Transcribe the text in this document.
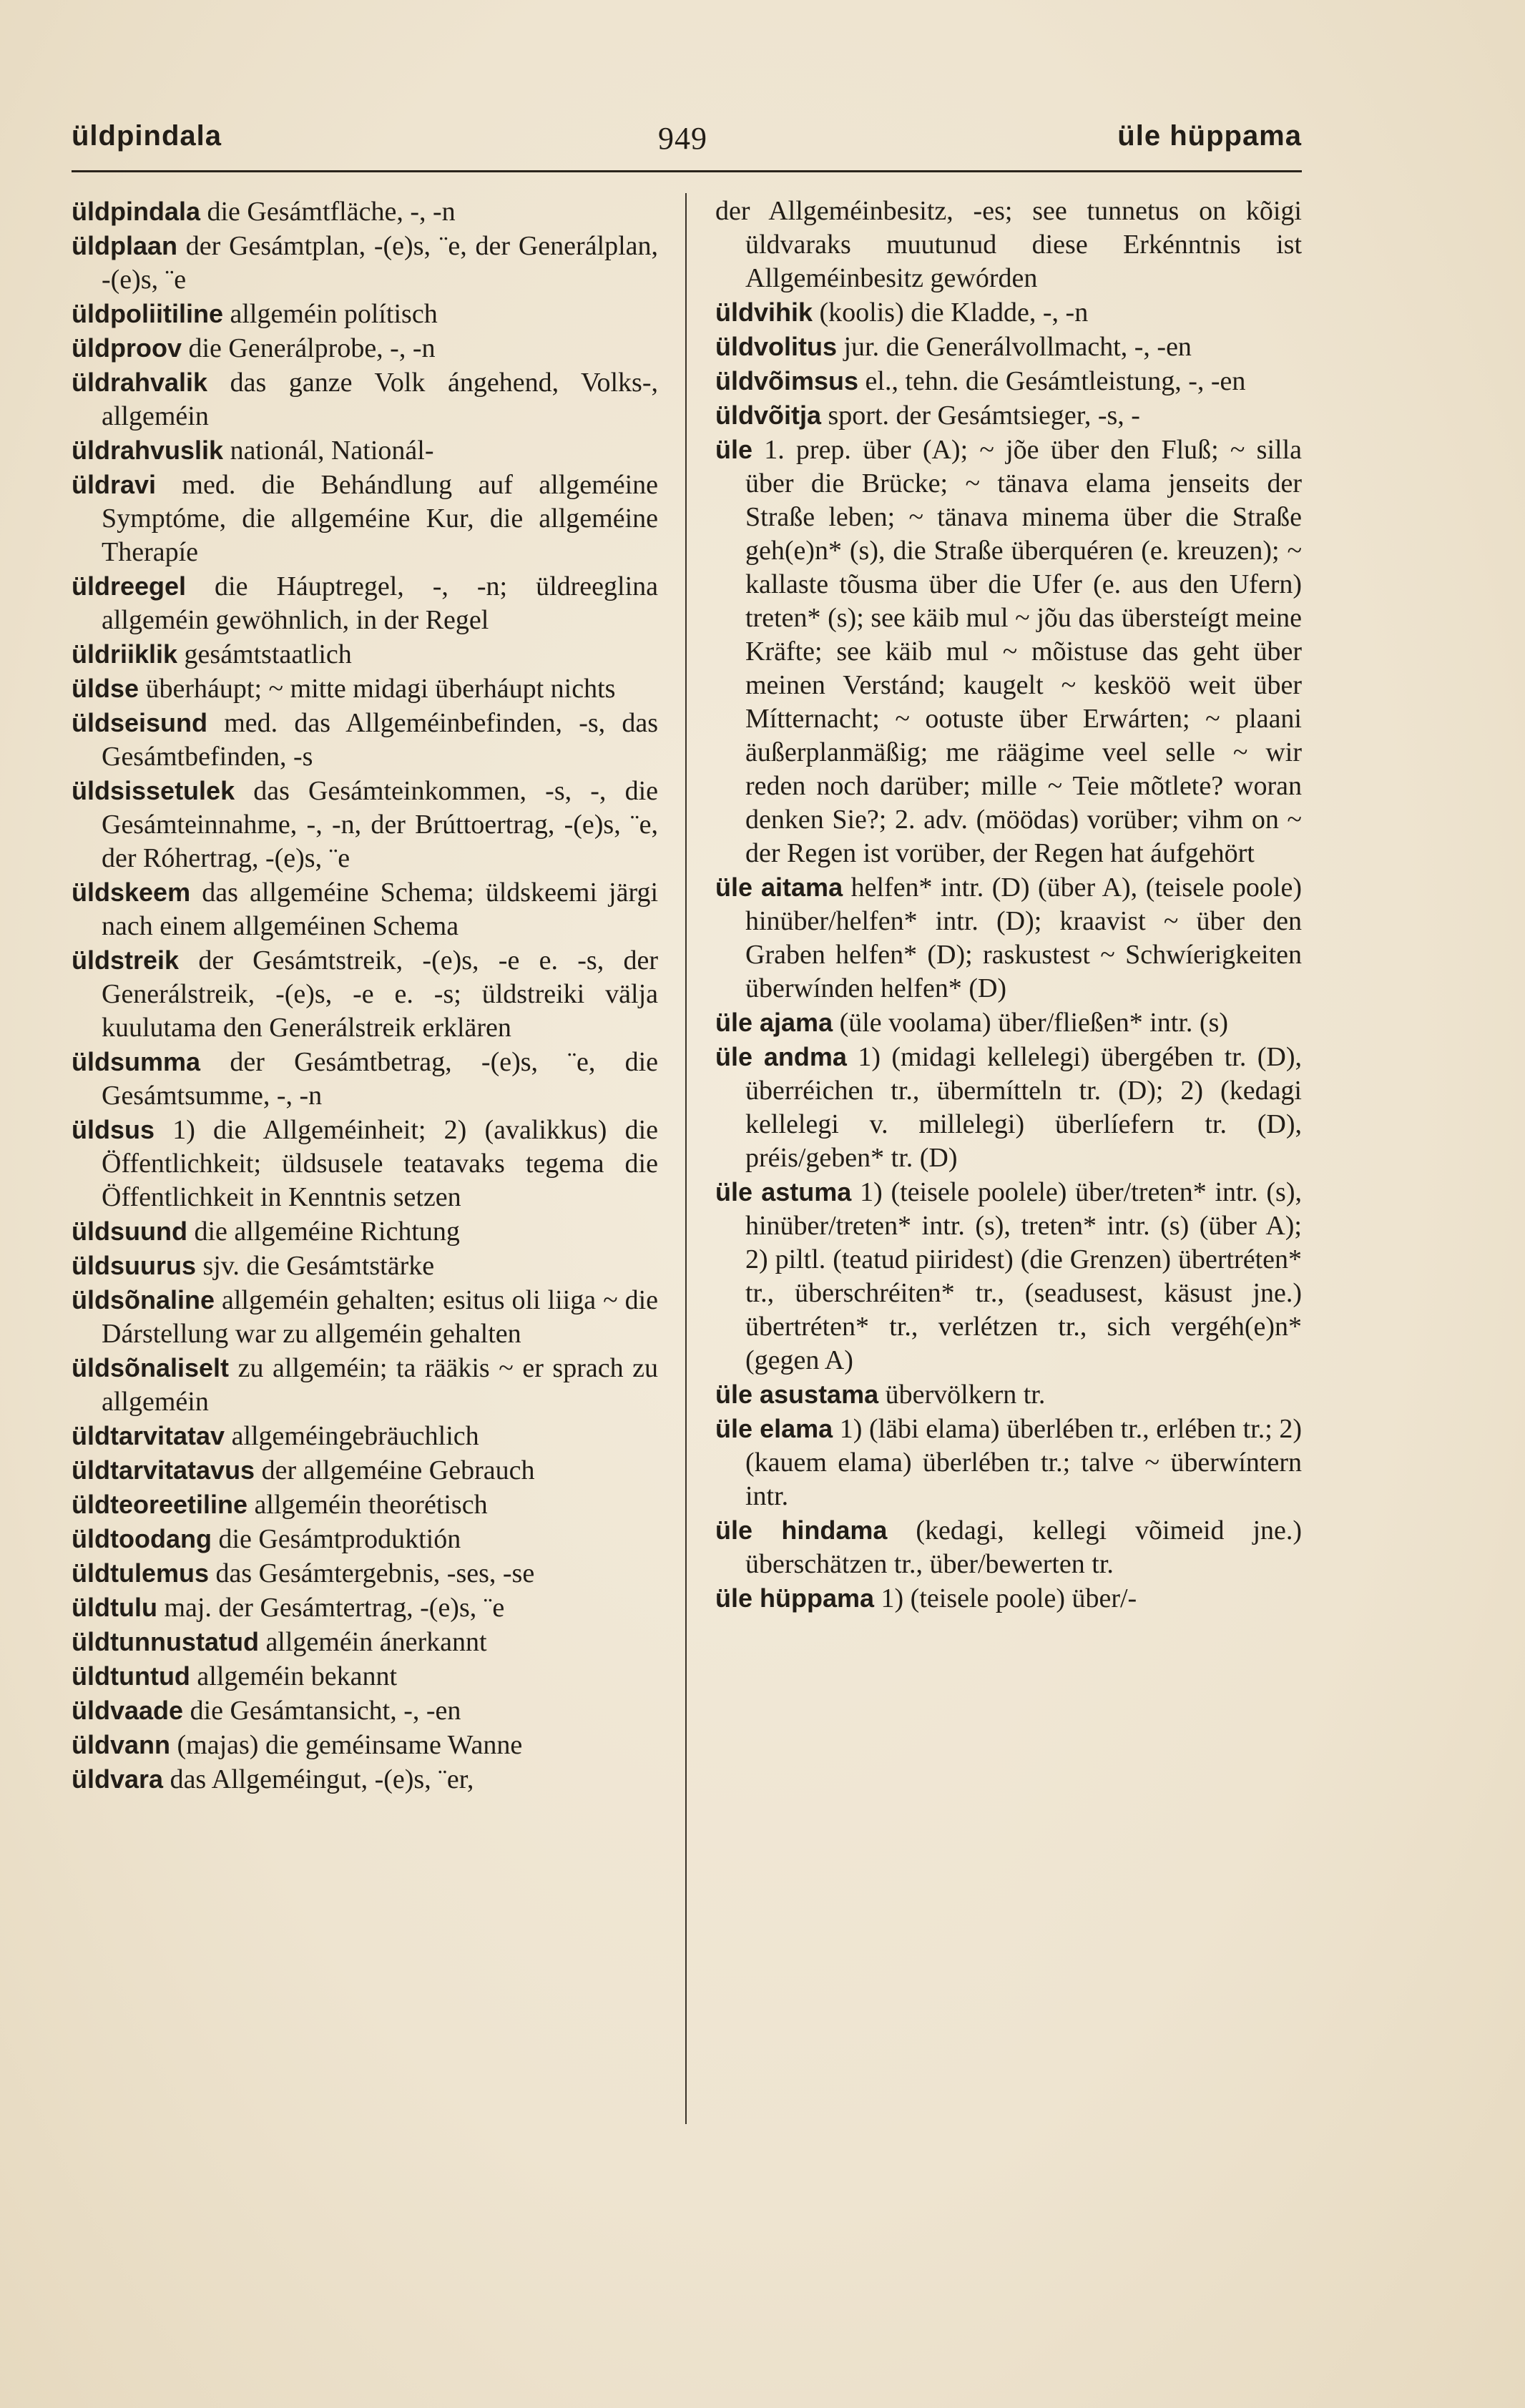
üldpindala	949	üle hüppama

üldpindala die Gesámtfläche, -, -n

üldplaan der Gesámtplan, -(e)s, ¨e, der Generálplan, -(e)s, ¨e

üldpoliitiline allgeméin polítisch

üldproov die Generálprobe, -, -n

üldrahvalik das ganze Volk ángehend, Volks-, allgeméin

üldrahvuslik nationál, Nationál-

üldravi med. die Behándlung auf allgeméine Symptóme, die allgeméine Kur, die allgeméine Therapíe

üldreegel die Háuptregel, -, -n; üldreeglina allgeméin gewöhnlich, in der Regel

üldriiklik gesámtstaatlich

üldse überháupt; ~ mitte midagi überháupt nichts

üldseisund med. das Allgeméinbefinden, -s, das Gesámtbefinden, -s

üldsissetulek das Gesámteinkommen, -s, -, die Gesámteinnahme, -, -n, der Brúttoertrag, -(e)s, ¨e, der Róhertrag, -(e)s, ¨e

üldskeem das allgeméine Schema; üldskeemi järgi nach einem allgeméinen Schema

üldstreik der Gesámtstreik, -(e)s, -e e. -s, der Generálstreik, -(e)s, -e e. -s; üldstreiki välja kuulutama den Generálstreik erklären

üldsumma der Gesámtbetrag, -(e)s, ¨e, die Gesámtsumme, -, -n

üldsus 1) die Allgeméinheit; 2) (avalikkus) die Öffentlichkeit; üldsusele teatavaks tegema die Öffentlichkeit in Kenntnis setzen

üldsuund die allgeméine Richtung

üldsuurus sjv. die Gesámtstärke

üldsõnaline allgeméin gehalten; esitus oli liiga ~ die Dárstellung war zu allgeméin gehalten

üldsõnaliselt zu allgeméin; ta rääkis ~ er sprach zu allgeméin

üldtarvitatav allgeméingebräuchlich

üldtarvitatavus der allgeméine Gebrauch

üldteoreetiline allgeméin theorétisch

üldtoodang die Gesámtproduktión

üldtulemus das Gesámtergebnis, -ses, -se

üldtulu maj. der Gesámtertrag, -(e)s, ¨e

üldtunnustatud allgeméin ánerkannt

üldtuntud allgeméin bekannt

üldvaade die Gesámtansicht, -, -en

üldvann (majas) die geméinsame Wanne

üldvara das Allgeméingut, -(e)s, ¨er,

der Allgeméinbesitz, -es; see tunnetus on kõigi üldvaraks muutunud diese Erkénntnis ist Allgeméinbesitz gewórden

üldvihik (koolis) die Kladde, -, -n

üldvolitus jur. die Generálvollmacht, -, -en

üldvõimsus el., tehn. die Gesámtleistung, -, -en

üldvõitja sport. der Gesámtsieger, -s, -

üle 1. prep. über (A); ~ jõe über den Fluß; ~ silla über die Brücke; ~ tänava elama jenseits der Straße leben; ~ tänava minema über die Straße geh(e)n* (s), die Straße überquéren (e. kreuzen); ~ kallaste tõusma über die Ufer (e. aus den Ufern) treten* (s); see käib mul ~ jõu das übersteígt meine Kräfte; see käib mul ~ mõistuse das geht über meinen Verstánd; kaugelt ~ kesköö weit über Mítternacht; ~ ootuste über Erwárten; ~ plaani äußerplanmäßig; me räägime veel selle ~ wir reden noch darüber; mille ~ Teie mõtlete? woran denken Sie?; 2. adv. (möödas) vorüber; vihm on ~ der Regen ist vorüber, der Regen hat áufgehört

üle aitama helfen* intr. (D) (über A), (teisele poole) hinüber/helfen* intr. (D); kraavist ~ über den Graben helfen* (D); raskustest ~ Schwíerigkeiten überwínden helfen* (D)

üle ajama (üle voolama) über/fließen* intr. (s)

üle andma 1) (midagi kellelegi) übergében tr. (D), überréichen tr., übermítteln tr. (D); 2) (kedagi kellelegi v. millelegi) überlíefern tr. (D), préis/geben* tr. (D)

üle astuma 1) (teisele poolele) über/treten* intr. (s), hinüber/treten* intr. (s), treten* intr. (s) (über A); 2) piltl. (teatud piiridest) (die Grenzen) übertréten* tr., überschréiten* tr., (seadusest, käsust jne.) übertréten* tr., verlétzen tr., sich vergéh(e)n* (gegen A)

üle asustama übervölkern tr.

üle elama 1) (läbi elama) überlében tr., erlében tr.; 2) (kauem elama) überlében tr.; talve ~ überwíntern intr.

üle hindama (kedagi, kellegi võimeid jne.) überschätzen tr., über/bewerten tr.

üle hüppama 1) (teisele poole) über/-
